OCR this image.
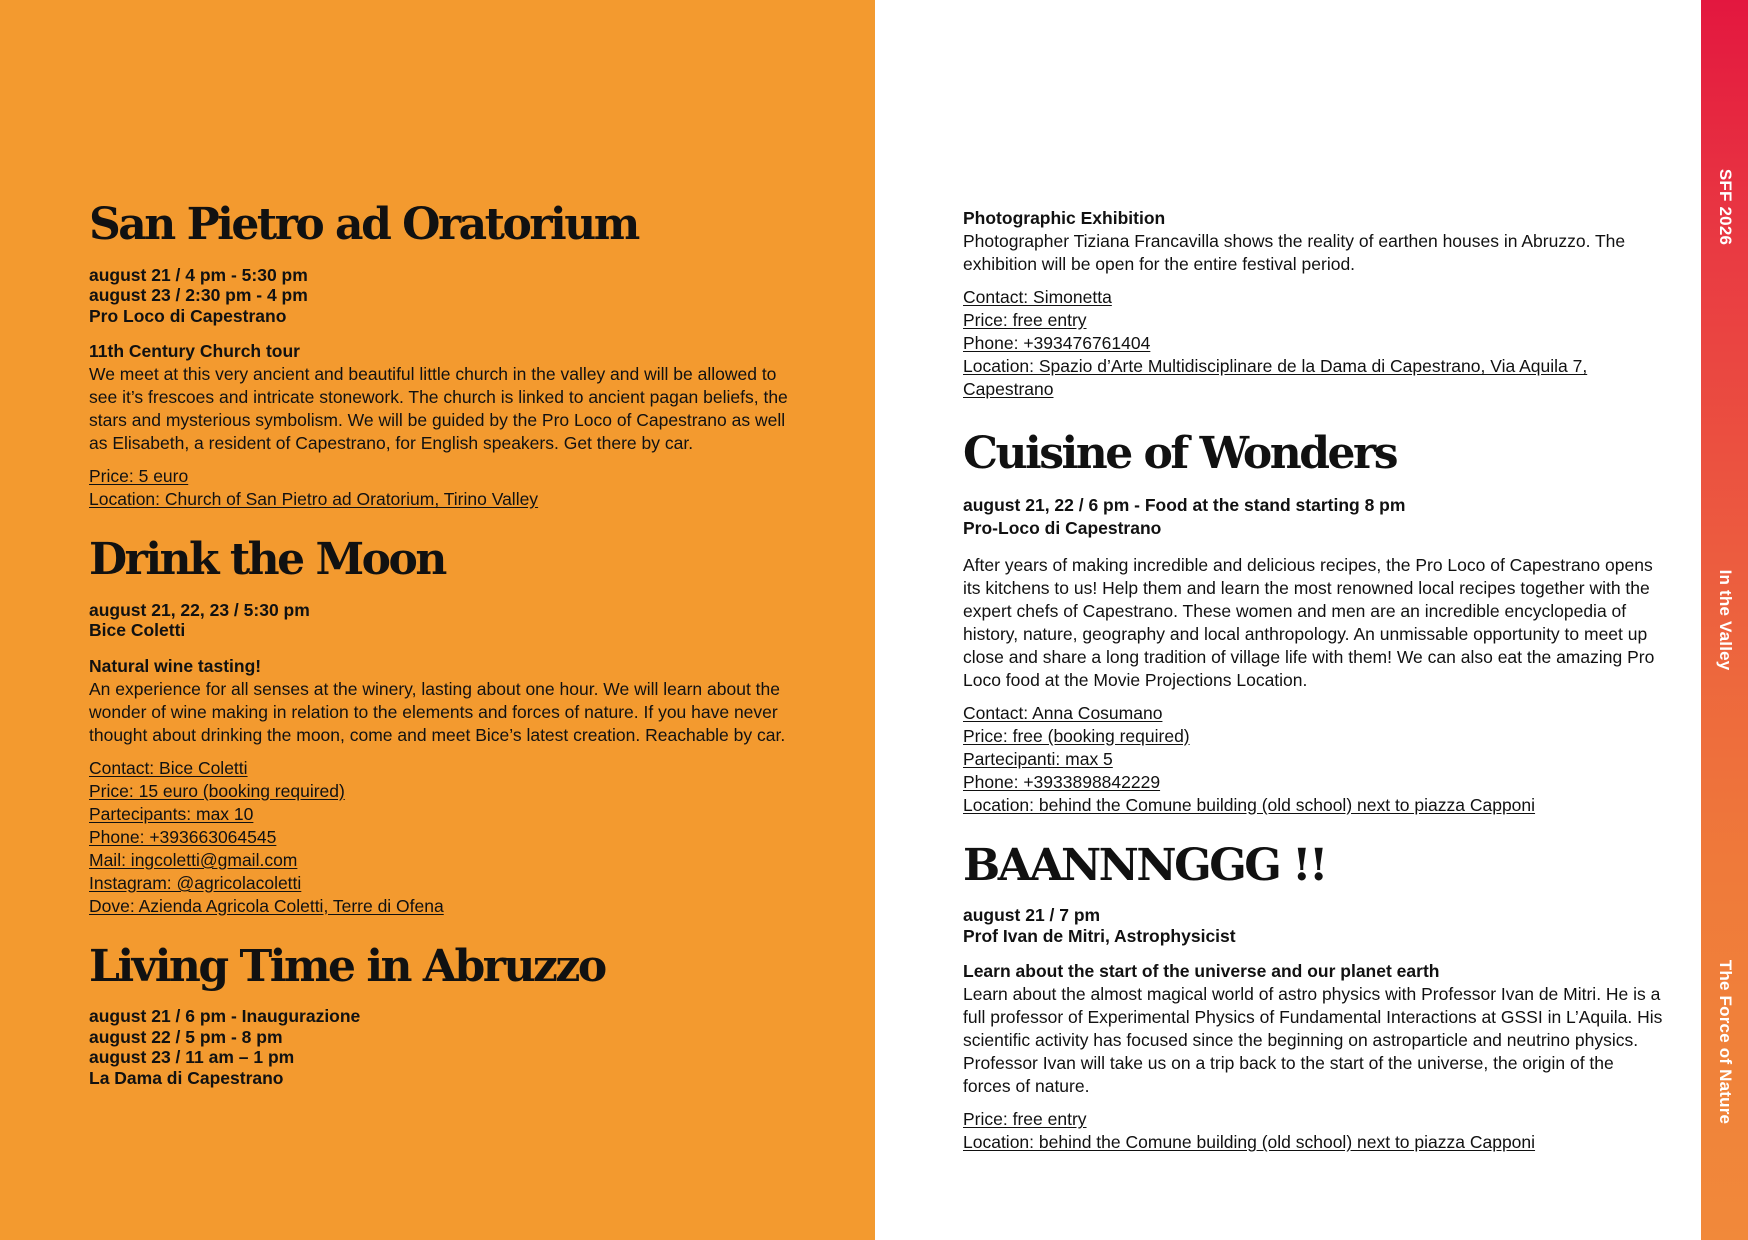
San Pietro ad Oratorium
august 21 / 4 pm - 5:30 pm
august 23 / 2:30 pm - 4 pm
Pro Loco di Capestrano
11th Century Church tour

We meet at this very ancient and beautiful little church in the valley and will be allowed to see it’s frescoes and intricate stonework. The church is linked to ancient pagan beliefs, the stars and mysterious symbolism. We will be guided by the Pro Loco of Capestrano as well as Elisabeth, a resident of Capestrano, for English speakers. Get there by car.

Price: 5 euro
Location: Church of San Pietro ad Oratorium, Tirino Valley
Drink the Moon
august 21, 22, 23 / 5:30 pm
Bice Coletti
Natural wine tasting!

An experience for all senses at the winery, lasting about one hour. We will learn about the wonder of wine making in relation to the elements and forces of nature. If you have never thought about drinking the moon, come and meet Bice’s latest creation. Reachable by car.

Contact: Bice Coletti
Price: 15 euro (booking required)
Partecipants: max 10
Phone: +393663064545
Mail: ingcoletti@gmail.com
Instagram: @agricolacoletti
Dove: Azienda Agricola Coletti, Terre di Ofena
Living Time in Abruzzo
august 21 / 6 pm - Inaugurazione
august 22 / 5 pm - 8 pm
august 23 / 11 am – 1 pm
La Dama di Capestrano
Photographic Exhibition

Photographer Tiziana Francavilla shows the reality of earthen houses in Abruzzo. The exhibition will be open for the entire festival period.

Contact: Simonetta
Price: free entry
Phone: +393476761404
Location: Spazio d’Arte Multidisciplinare de la Dama di Capestrano, Via Aquila 7, Capestrano
Cuisine of Wonders
august 21, 22 / 6 pm - Food at the stand starting 8 pm
Pro-Loco di Capestrano

After years of making incredible and delicious recipes, the Pro Loco of Capestrano opens its kitchens to us! Help them and learn the most renowned local recipes together with the expert chefs of Capestrano. These women and men are an incredible encyclopedia of history, nature, geography and local anthropology. An unmissable opportunity to meet up close and share a long tradition of village life with them! We can also eat the amazing Pro Loco food at the Movie Projections Location.

Contact: Anna Cosumano
Price: free (booking required)
Partecipanti: max 5
Phone: +3933898842229
Location: behind the Comune building (old school) next to piazza Capponi
BAANNNGGG !!
august 21 / 7 pm
Prof Ivan de Mitri, Astrophysicist
Learn about the start of the universe and our planet earth

Learn about the almost magical world of astro physics with Professor Ivan de Mitri. He is a full professor of Experimental Physics of Fundamental Interactions at GSSI in L’Aquila. His scientific activity has focused since the beginning on astroparticle and neutrino physics. Professor Ivan will take us on a trip back to the start of the universe, the origin of the forces of nature.

Price: free entry
Location: behind the Comune building (old school) next to piazza Capponi
SFF 2026
In the Valley
The Force of Nature
